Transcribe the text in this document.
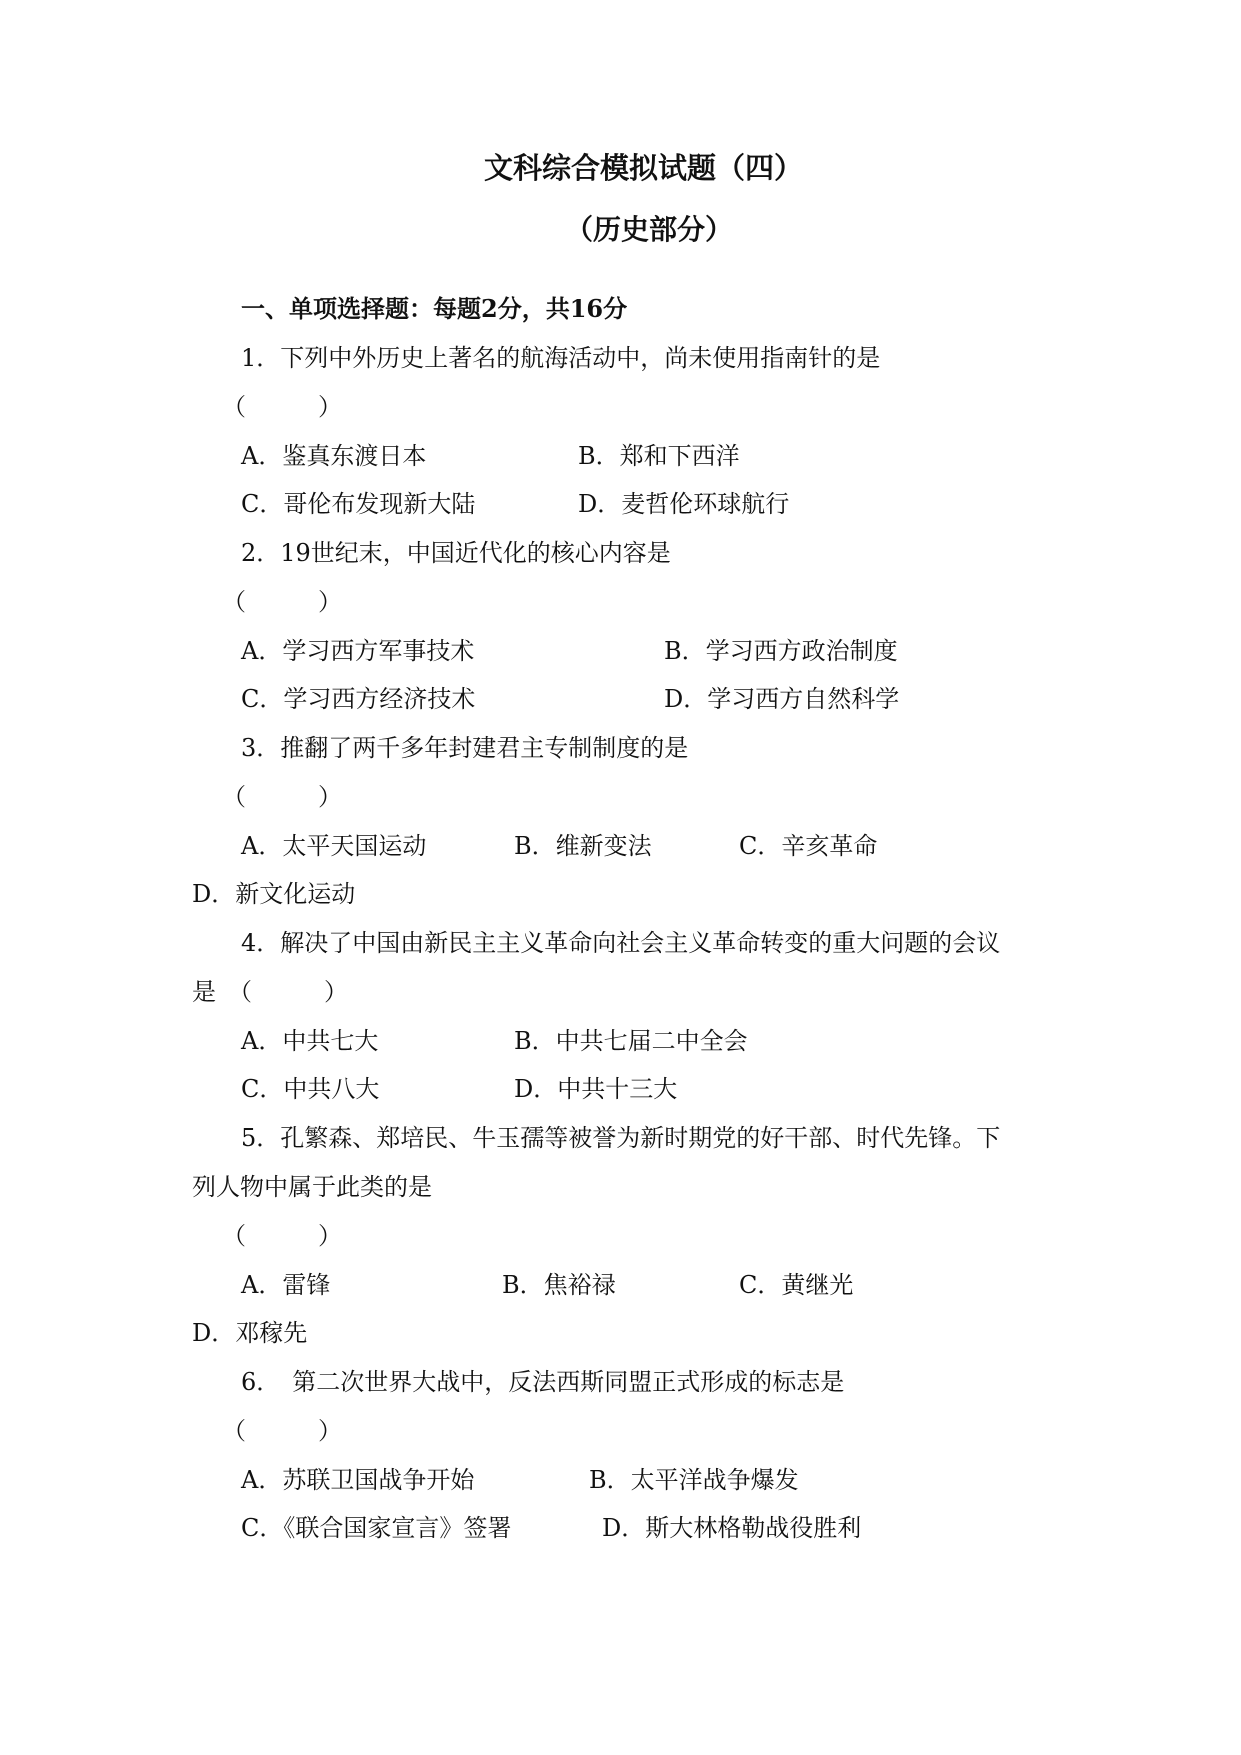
文科综合模拟试题（四）
（历史部分）
一、单项选择题：每题2分，共16分
1．下列中外历史上著名的航海活动中，尚未使用指南针的是
（　　　）
A．鉴真东渡日本	B．郑和下西洋
C．哥伦布发现新大陆	D．麦哲伦环球航行
2．19世纪末，中国近代化的核心内容是
（　　　）
A．学习西方军事技术	B．学习西方政治制度
C．学习西方经济技术	D．学习西方自然科学
3．推翻了两千多年封建君主专制制度的是
（　　　）
A．太平天国运动	B．维新变法	C．辛亥革命
D．新文化运动
4．解决了中国由新民主主义革命向社会主义革命转变的重大问题的会议
是　（　　　）
A．中共七大	B．中共七届二中全会
C．中共八大	D．中共十三大
5．孔繁森、郑培民、牛玉孺等被誉为新时期党的好干部、时代先锋。下
列人物中属于此类的是
（　　　）
A．雷锋	B．焦裕禄	C．黄继光
D．邓稼先
6．　第二次世界大战中，反法西斯同盟正式形成的标志是
（　　　）
A．苏联卫国战争开始	B．太平洋战争爆发
C．《联合国家宣言》签署	D．斯大林格勒战役胜利
